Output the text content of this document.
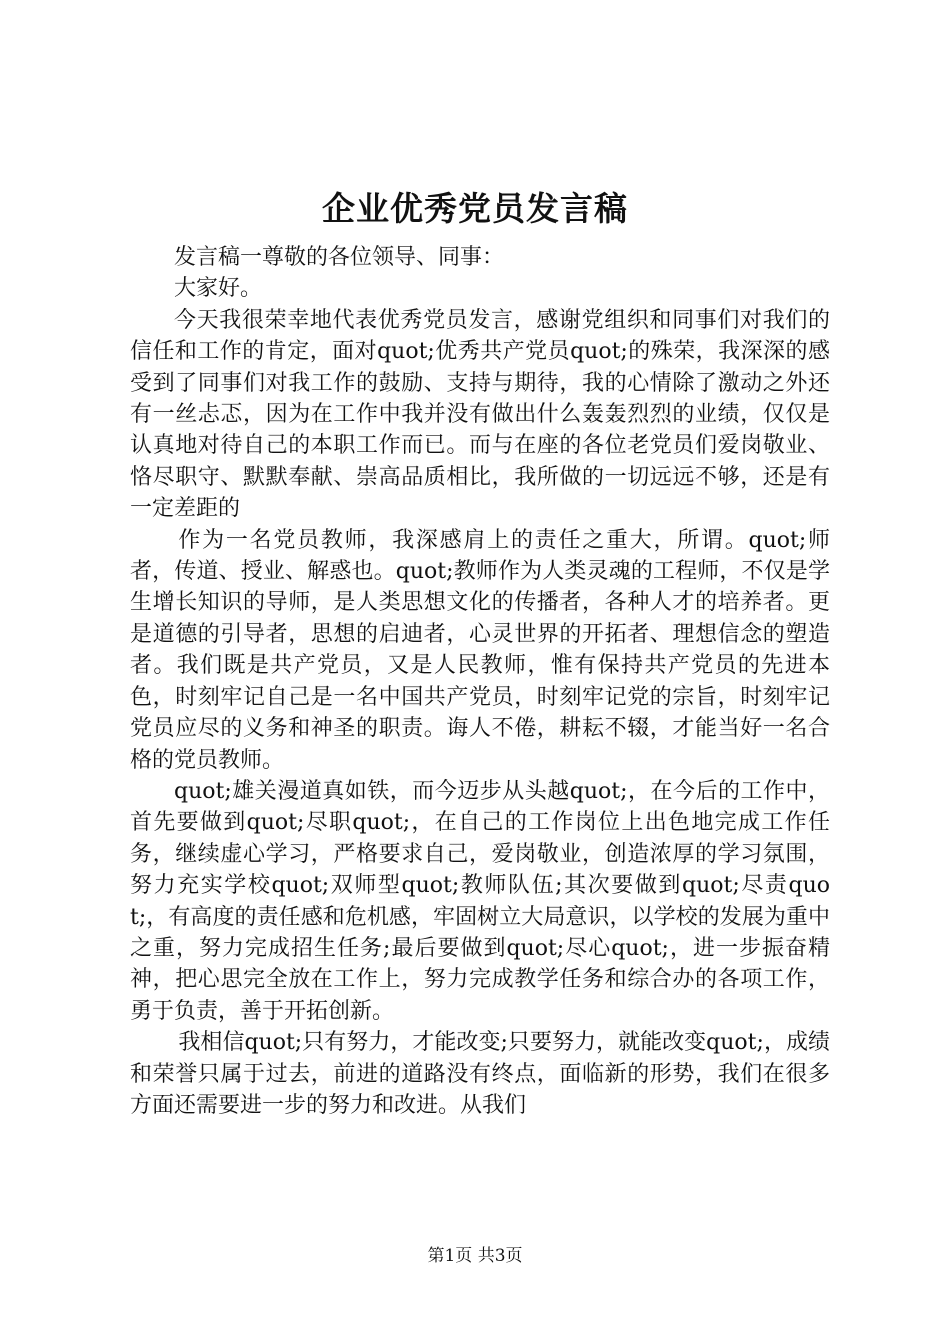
企业优秀党员发言稿

发言稿一尊敬的各位领导、同事：

大家好。

今天我很荣幸地代表优秀党员发言，感谢党组织和同事们对我们的信任和工作的肯定，面对quot;优秀共产党员quot;的殊荣，我深深的感受到了同事们对我工作的鼓励、支持与期待，我的心情除了激动之外还有一丝忐忑，因为在工作中我并没有做出什么轰轰烈烈的业绩，仅仅是认真地对待自己的本职工作而已。而与在座的各位老党员们爱岗敬业、恪尽职守、默默奉献、崇高品质相比，我所做的一切远远不够，还是有一定差距的

作为一名党员教师，我深感肩上的责任之重大，所谓。quot;师者，传道、授业、解惑也。quot;教师作为人类灵魂的工程师，不仅是学生增长知识的导师，是人类思想文化的传播者，各种人才的培养者。更是道德的引导者，思想的启迪者，心灵世界的开拓者、理想信念的塑造者。我们既是共产党员，又是人民教师，惟有保持共产党员的先进本色，时刻牢记自己是一名中国共产党员，时刻牢记党的宗旨，时刻牢记党员应尽的义务和神圣的职责。诲人不倦，耕耘不辍，才能当好一名合格的党员教师。

quot;雄关漫道真如铁，而今迈步从头越quot;，在今后的工作中，首先要做到quot;尽职quot;，在自己的工作岗位上出色地完成工作任务，继续虚心学习，严格要求自己，爱岗敬业，创造浓厚的学习氛围，努力充实学校quot;双师型quot;教师队伍;其次要做到quot;尽责quot;，有高度的责任感和危机感，牢固树立大局意识，以学校的发展为重中之重，努力完成招生任务;最后要做到quot;尽心quot;，进一步振奋精神，把心思完全放在工作上，努力完成教学任务和综合办的各项工作，勇于负责，善于开拓创新。

我相信quot;只有努力，才能改变;只要努力，就能改变quot;，成绩和荣誉只属于过去，前进的道路没有终点，面临新的形势，我们在很多方面还需要进一步的努力和改进。从我们

第1页 共3页
